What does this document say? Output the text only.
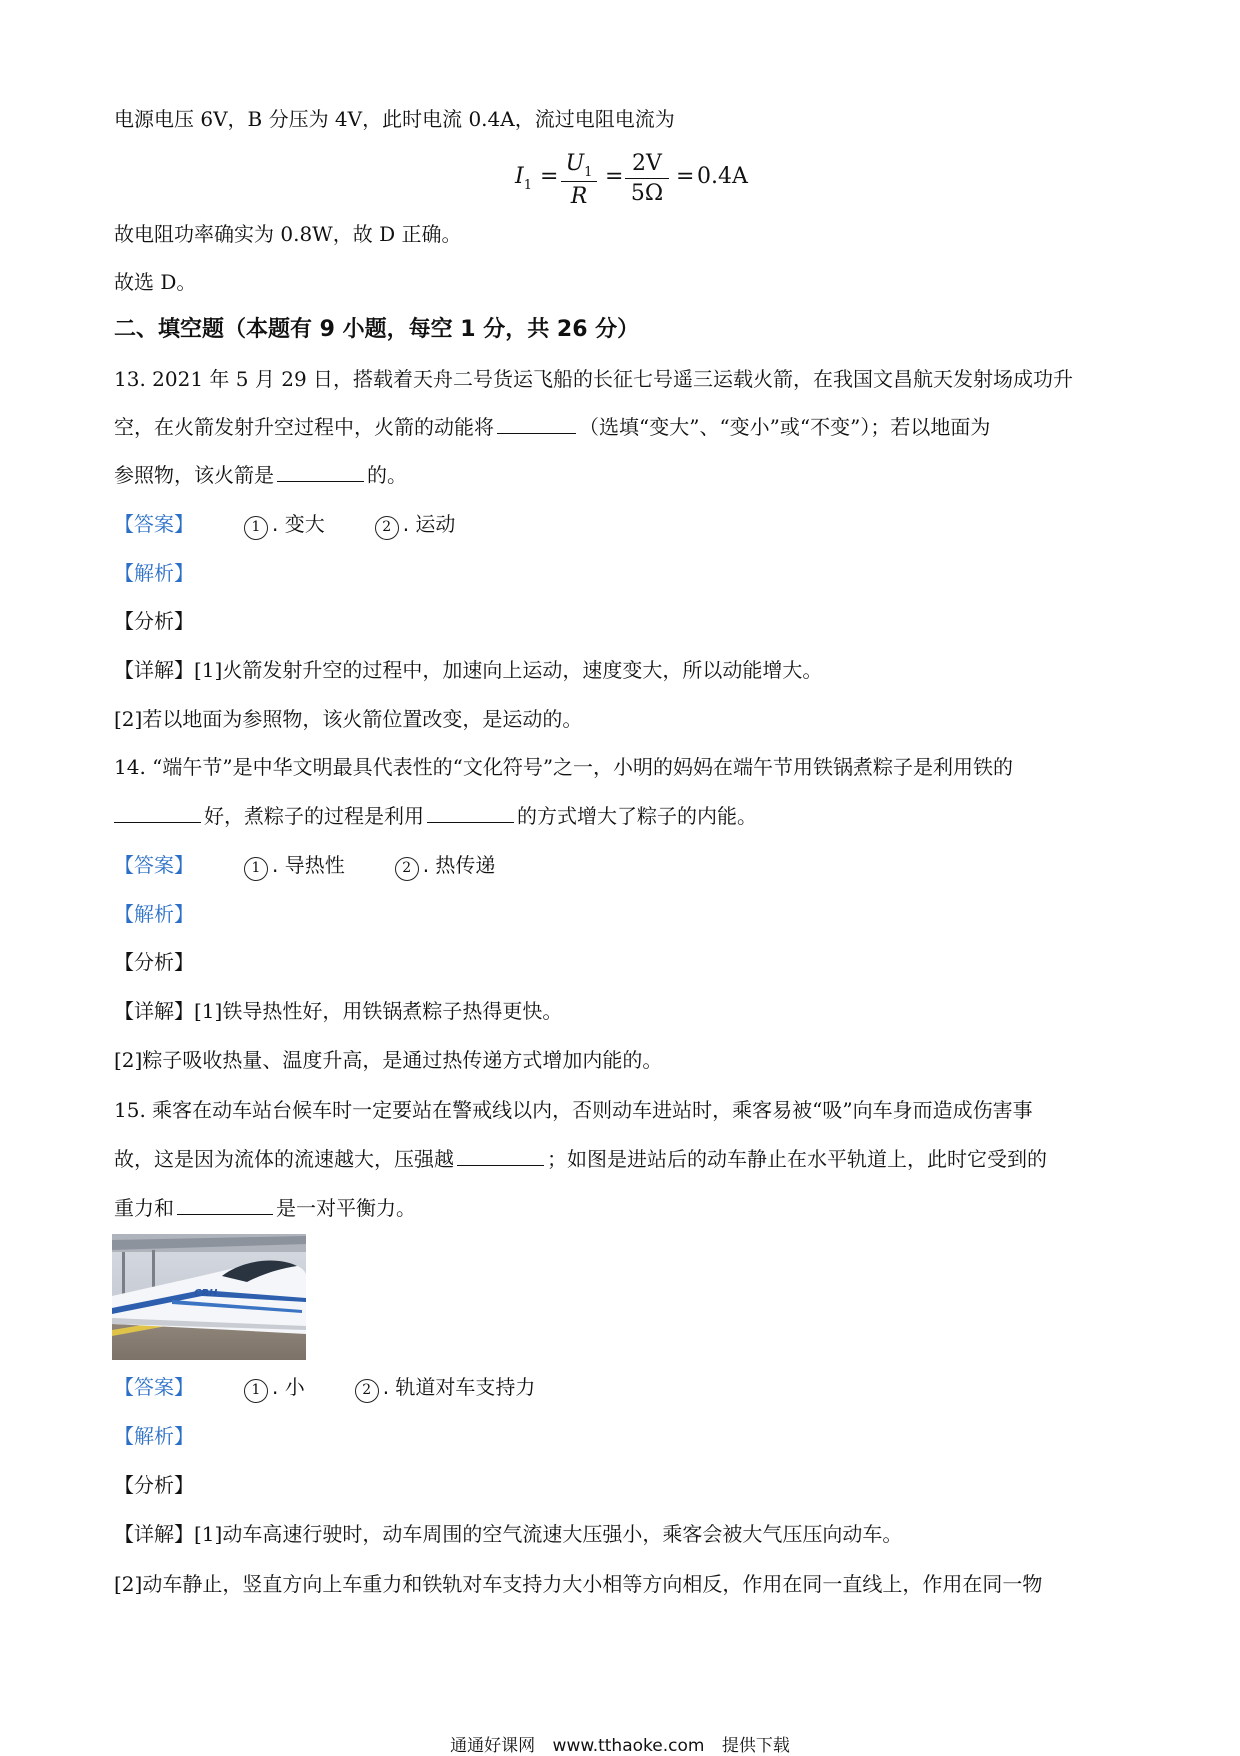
电源电压 6V，B 分压为 4V，此时电流 0.4A，流过电阻电流为
$I_1 = \frac{U_1}{R} = \frac{2V}{5\Omega} = 0.4A$
故电阻功率确实为 0.8W，故 D 正确。
故选 D。
二、填空题（本题有 9 小题，每空 1 分，共 26 分）
13. 2021 年 5 月 29 日，搭载着天舟二号货运飞船的长征七号遥三运载火箭，在我国文昌航天发射场成功升
空，在火箭发射升空过程中，火箭的动能将	（选填“变大”、“变小”或“不变”）；若以地面为
参照物，该火箭是	的。
【答案】	1 . 变大	2 . 运动
【解析】
【分析】
【详解】[1]火箭发射升空的过程中，加速向上运动，速度变大，所以动能增大。
[2]若以地面为参照物，该火箭位置改变，是运动的。
14. “端午节”是中华文明最具代表性的“文化符号”之一，小明的妈妈在端午节用铁锅煮粽子是利用铁的
好，煮粽子的过程是利用	的方式增大了粽子的内能。
【答案】	1 . 导热性	2 . 热传递
【解析】
【分析】
【详解】[1]铁导热性好，用铁锅煮粽子热得更快。
[2]粽子吸收热量、温度升高，是通过热传递方式增加内能的。
15. 乘客在动车站台候车时一定要站在警戒线以内，否则动车进站时，乘客易被“吸”向车身而造成伤害事
故，这是因为流体的流速越大，压强越	；如图是进站后的动车静止在水平轨道上，此时它受到的
重力和	是一对平衡力。
CRH
【答案】	1 . 小	2 . 轨道对车支持力
【解析】
【分析】
【详解】[1]动车高速行驶时，动车周围的空气流速大压强小，乘客会被大气压压向动车。
[2]动车静止，竖直方向上车重力和铁轨对车支持力大小相等方向相反，作用在同一直线上，作用在同一物
通通好课网 www.tthaoke.com 提供下载
